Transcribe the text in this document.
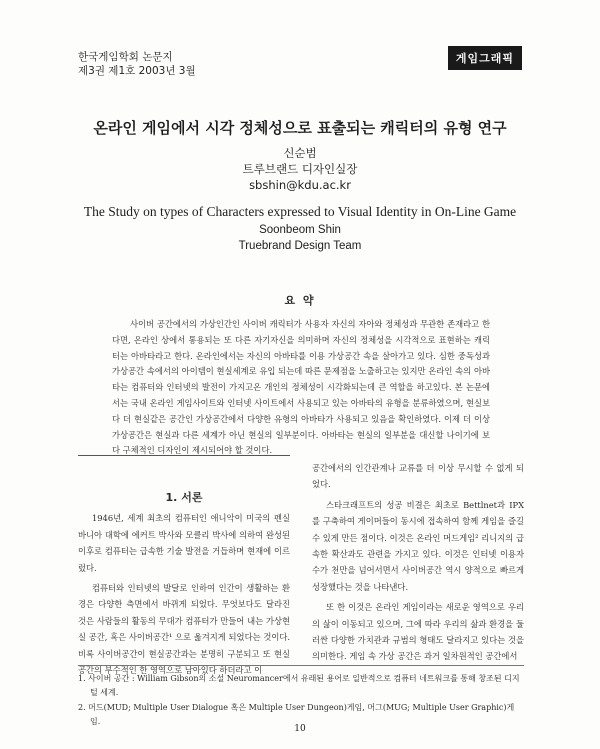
한국게임학회 논문지
제3권 제1호 2003년 3월
게임그래픽
온라인 게임에서 시각 정체성으로 표출되는 캐릭터의 유형 연구
신순범
트루브랜드 디자인실장
sbshin@kdu.ac.kr
The Study on types of Characters expressed to Visual Identity in On-Line Game
Soonbeom Shin
Truebrand Design Team
요 약
사이버 공간에서의 가상인간인 사이버 캐릭터가 사용자 자신의 자아와 정체성과 무관한 존재라고 한다면, 온라인 상에서 통용되는 또 다른 자기자신을 의미하며 자신의 정체성을 시각적으로 표현하는 캐릭터는 아바타라고 한다. 온라인에서는 자신의 아바타를 이용 가상공간 속을 살아가고 있다. 심한 중독성과 가상공간 속에서의 아이템이 현실세계로 유입 되는데 따른 문제점을 노출하고는 있지만 온라인 속의 아바타는 컴퓨터와 인터넷의 발전이 가지고온 개인의 정체성이 시각화되는데 큰 역할을 하고있다. 본 논문에서는 국내 온라인 게임사이트와 인터넷 사이트에서 사용되고 있는 아바타의 유형을 분류하였으며, 현실보다 더 현실같은 공간인 가상공간에서 다양한 유형의 아바타가 사용되고 있음을 확인하였다. 이제 더 이상 가상공간은 현실과 다른 세계가 아닌 현실의 일부분이다. 아바타는 현실의 일부분을 대신할 나이기에 보다 구체적인 디자인이 제시되어야 할 것이다.

1. 서론

1946년, 세계 최초의 컴퓨터인 애니악이 미국의 펜실바니아 대학에 에커트 박사와 모클리 박사에 의하여 완성된 이후로 컴퓨터는 급속한 기술 발전을 거듭하며 현재에 이르렀다.

컴퓨터와 인터넷의 발달로 인하여 인간이 생활하는 환경은 다양한 측면에서 바뀌게 되었다. 무엇보다도 달라진 것은 사람들의 활동의 무대가 컴퓨터가 만들어 내는 가상현실 공간, 혹은 사이버공간¹ 으로 옮겨지게 되었다는 것이다. 비록 사이버공간이 현실공간과는 분명히 구분되고 또 현실공간의 부수적인 한 영역으로 남아있다 하더라고 이

공간에서의 인간관계나 교류를 더 이상 무시할 수 없게 되었다.

스타크래프트의 성공 비결은 최초로 Bettlnet과 IPX를 구축하여 게이머들이 동시에 접속하여 함께 게임을 즐길 수 있게 만든 점이다. 이것은 온라인 머드게임² 리니지의 급속한 확산과도 관련을 가지고 있다. 이것은 인터넷 이용자 수가 천만을 넘어서면서 사이버공간 역시 양적으로 빠르게 성장했다는 것을 나타낸다.

또 한 이것은 온라인 게임이라는 새로운 영역으로 우리의 삶이 이동되고 있으며, 그에 따라 우리의 삶과 환경을 둘러싼 다양한 가치관과 규범의 형태도 달라지고 있다는 것을 의미한다. 게임 속 가상 공간은 과거 일차원적인 공간에서

1. 사이버 공간 : William Gibson의 소설 Neuromancer에서 유래된 용어로 일반적으로 컴퓨터 네트워크를 통해 창조된 디지털 세계.
2. 머드(MUD; Multiple User Dialogue 혹은 Multiple User Dungeon)게임, 머그(MUG; Multiple User Graphic)게임.
10
